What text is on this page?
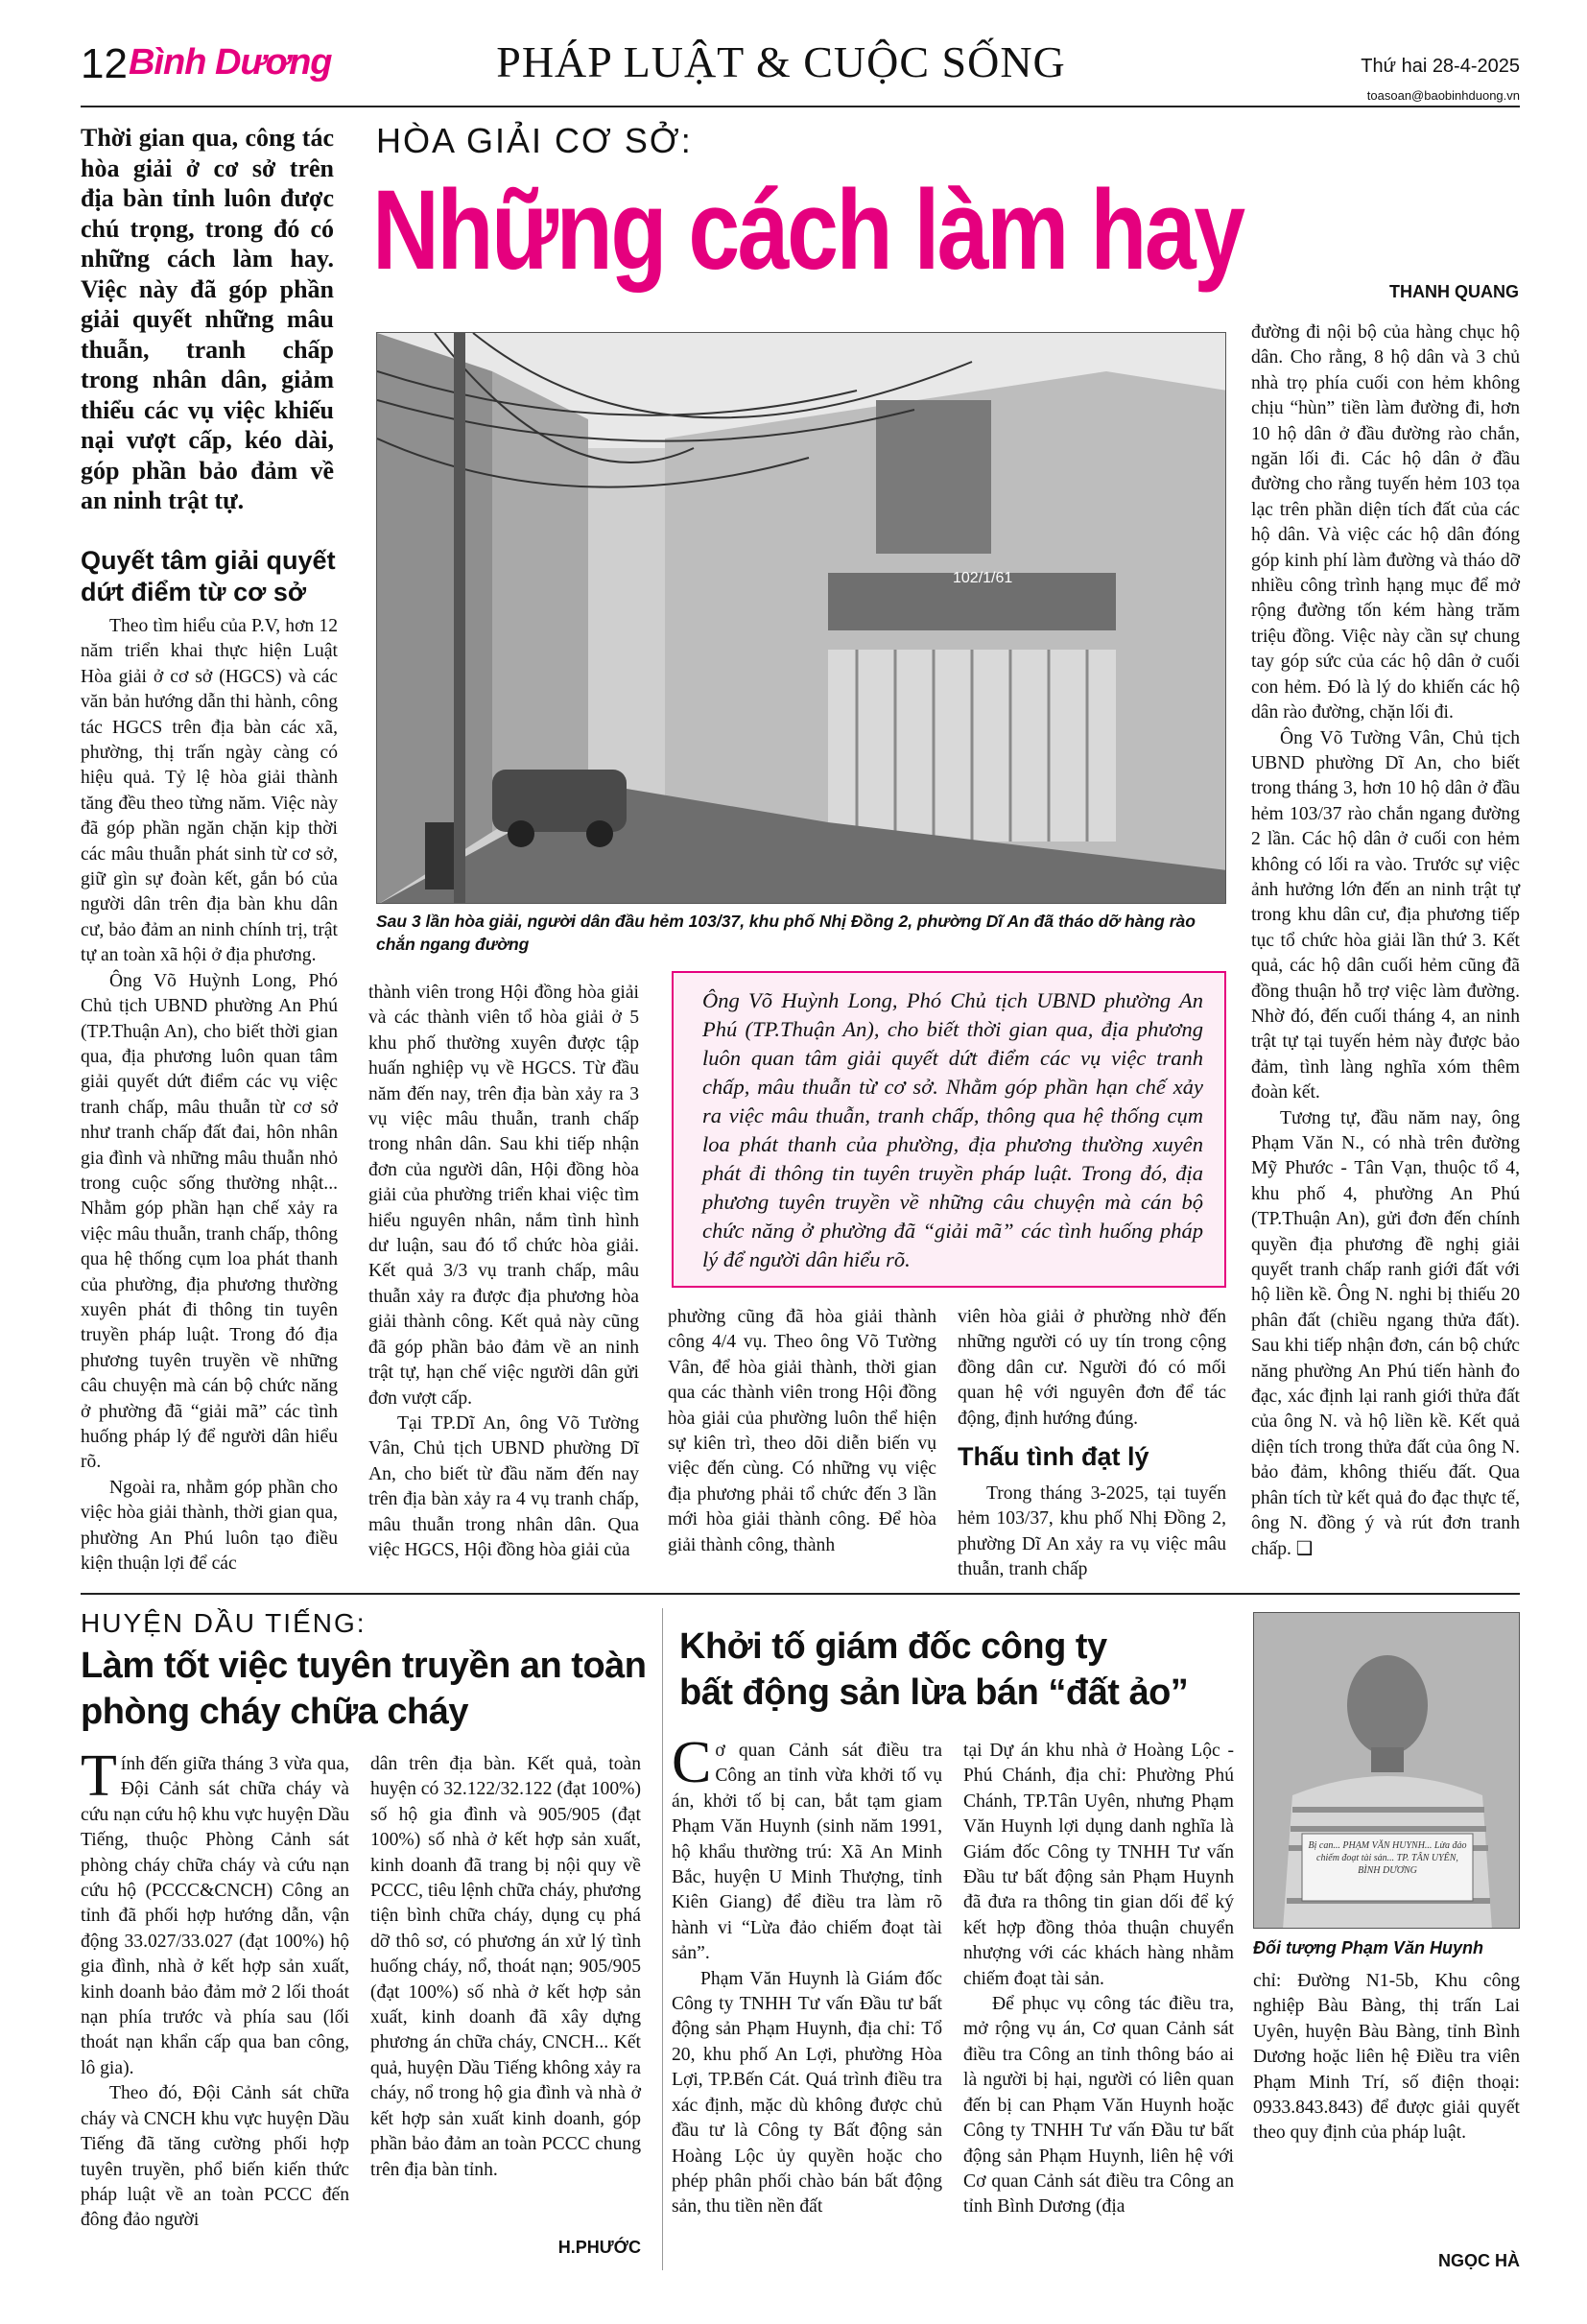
12 Bình Dương	PHÁP LUẬT & CUỘC SỐNG	Thứ hai 28-4-2025
toasoan@baobinhduong.vn
Thời gian qua, công tác hòa giải ở cơ sở trên địa bàn tỉnh luôn được chú trọng, trong đó có những cách làm hay. Việc này đã góp phần giải quyết những mâu thuẫn, tranh chấp trong nhân dân, giảm thiểu các vụ việc khiếu nại vượt cấp, kéo dài, góp phần bảo đảm về an ninh trật tự.
HÒA GIẢI CƠ SỞ:
Những cách làm hay	THANH QUANG
102/1/61
Sau 3 lần hòa giải, người dân đầu hẻm 103/37, khu phố Nhị Đồng 2, phường Dĩ An đã tháo dỡ hàng rào chắn ngang đường
Quyết tâm giải quyết dứt điểm từ cơ sở

Theo tìm hiểu của P.V, hơn 12 năm triển khai thực hiện Luật Hòa giải ở cơ sở (HGCS) và các văn bản hướng dẫn thi hành, công tác HGCS trên địa bàn các xã, phường, thị trấn ngày càng có hiệu quả. Tỷ lệ hòa giải thành tăng đều theo từng năm. Việc này đã góp phần ngăn chặn kịp thời các mâu thuẫn phát sinh từ cơ sở, giữ gìn sự đoàn kết, gắn bó của người dân trên địa bàn khu dân cư, bảo đảm an ninh chính trị, trật tự an toàn xã hội ở địa phương.

Ông Võ Huỳnh Long, Phó Chủ tịch UBND phường An Phú (TP.Thuận An), cho biết thời gian qua, địa phương luôn quan tâm giải quyết dứt điểm các vụ việc tranh chấp, mâu thuẫn từ cơ sở như tranh chấp đất đai, hôn nhân gia đình và những mâu thuẫn nhỏ trong cuộc sống thường nhật... Nhằm góp phần hạn chế xảy ra việc mâu thuẫn, tranh chấp, thông qua hệ thống cụm loa phát thanh của phường, địa phương thường xuyên phát đi thông tin tuyên truyền pháp luật. Trong đó địa phương tuyên truyền về những câu chuyện mà cán bộ chức năng ở phường đã “giải mã” các tình huống pháp lý để người dân hiểu rõ.

Ngoài ra, nhằm góp phần cho việc hòa giải thành, thời gian qua, phường An Phú luôn tạo điều kiện thuận lợi để các

thành viên trong Hội đồng hòa giải và các thành viên tổ hòa giải ở 5 khu phố thường xuyên được tập huấn nghiệp vụ về HGCS. Từ đầu năm đến nay, trên địa bàn xảy ra 3 vụ việc mâu thuẫn, tranh chấp trong nhân dân. Sau khi tiếp nhận đơn của người dân, Hội đồng hòa giải của phường triển khai việc tìm hiểu nguyên nhân, nắm tình hình dư luận, sau đó tổ chức hòa giải. Kết quả 3/3 vụ tranh chấp, mâu thuẫn xảy ra được địa phương hòa giải thành công. Kết quả này cũng đã góp phần bảo đảm về an ninh trật tự, hạn chế việc người dân gửi đơn vượt cấp.

Tại TP.Dĩ An, ông Võ Tường Vân, Chủ tịch UBND phường Dĩ An, cho biết từ đầu năm đến nay trên địa bàn xảy ra 4 vụ tranh chấp, mâu thuẫn trong nhân dân. Qua việc HGCS, Hội đồng hòa giải của

Ông Võ Huỳnh Long, Phó Chủ tịch UBND phường An Phú (TP.Thuận An), cho biết thời gian qua, địa phương luôn quan tâm giải quyết dứt điểm các vụ việc tranh chấp, mâu thuẫn từ cơ sở. Nhằm góp phần hạn chế xảy ra việc mâu thuẫn, tranh chấp, thông qua hệ thống cụm loa phát thanh của phường, địa phương thường xuyên phát đi thông tin tuyên truyền pháp luật. Trong đó, địa phương tuyên truyền về những câu chuyện mà cán bộ chức năng ở phường đã “giải mã” các tình huống pháp lý để người dân hiểu rõ.

phường cũng đã hòa giải thành công 4/4 vụ. Theo ông Võ Tường Vân, để hòa giải thành, thời gian qua các thành viên trong Hội đồng hòa giải của phường luôn thể hiện sự kiên trì, theo dõi diễn biến vụ việc đến cùng. Có những vụ việc địa phương phải tổ chức đến 3 lần mới hòa giải thành công. Để hòa giải thành công, thành

viên hòa giải ở phường nhờ đến những người có uy tín trong cộng đồng dân cư. Người đó có mối quan hệ với nguyên đơn để tác động, định hướng đúng.

Thấu tình đạt lý

Trong tháng 3-2025, tại tuyến hẻm 103/37, khu phố Nhị Đồng 2, phường Dĩ An xảy ra vụ việc mâu thuẫn, tranh chấp

đường đi nội bộ của hàng chục hộ dân. Cho rằng, 8 hộ dân và 3 chủ nhà trọ phía cuối con hẻm không chịu “hùn” tiền làm đường đi, hơn 10 hộ dân ở đầu đường rào chắn, ngăn lối đi. Các hộ dân ở đầu đường cho rằng tuyến hẻm 103 tọa lạc trên phần diện tích đất của các hộ dân. Và việc các hộ dân đóng góp kinh phí làm đường và tháo dỡ nhiều công trình hạng mục để mở rộng đường tốn kém hàng trăm triệu đồng. Việc này cần sự chung tay góp sức của các hộ dân ở cuối con hẻm. Đó là lý do khiến các hộ dân rào đường, chặn lối đi.

Ông Võ Tường Vân, Chủ tịch UBND phường Dĩ An, cho biết trong tháng 3, hơn 10 hộ dân ở đầu hẻm 103/37 rào chắn ngang đường 2 lần. Các hộ dân ở cuối con hẻm không có lối ra vào. Trước sự việc ảnh hưởng lớn đến an ninh trật tự trong khu dân cư, địa phương tiếp tục tổ chức hòa giải lần thứ 3. Kết quả, các hộ dân cuối hẻm cũng đã đồng thuận hỗ trợ việc làm đường. Nhờ đó, đến cuối tháng 4, an ninh trật tự tại tuyến hẻm này được bảo đảm, tình làng nghĩa xóm thêm đoàn kết.

Tương tự, đầu năm nay, ông Phạm Văn N., có nhà trên đường Mỹ Phước - Tân Vạn, thuộc tổ 4, khu phố 4, phường An Phú (TP.Thuận An), gửi đơn đến chính quyền địa phương đề nghị giải quyết tranh chấp ranh giới đất với hộ liền kề. Ông N. nghi bị thiếu 20 phân đất (chiều ngang thửa đất). Sau khi tiếp nhận đơn, cán bộ chức năng phường An Phú tiến hành đo đạc, xác định lại ranh giới thửa đất của ông N. và hộ liền kề. Kết quả diện tích trong thửa đất của ông N. bảo đảm, không thiếu đất. Qua phân tích từ kết quả đo đạc thực tế, ông N. đồng ý và rút đơn tranh chấp. ❑

HUYỆN DẦU TIẾNG:
Làm tốt việc tuyên truyền an toàn
phòng cháy chữa cháy

Tính đến giữa tháng 3 vừa qua, Đội Cảnh sát chữa cháy và cứu nạn cứu hộ khu vực huyện Dầu Tiếng, thuộc Phòng Cảnh sát phòng cháy chữa cháy và cứu nạn cứu hộ (PCCC&CNCH) Công an tỉnh đã phối hợp hướng dẫn, vận động 33.027/33.027 (đạt 100%) hộ gia đình, nhà ở kết hợp sản xuất, kinh doanh bảo đảm mở 2 lối thoát nạn phía trước và phía sau (lối thoát nạn khẩn cấp qua ban công, lô gia).

Theo đó, Đội Cảnh sát chữa cháy và CNCH khu vực huyện Dầu Tiếng đã tăng cường phối hợp tuyên truyền, phổ biến kiến thức pháp luật về an toàn PCCC đến đông đảo người

dân trên địa bàn. Kết quả, toàn huyện có 32.122/32.122 (đạt 100%) số hộ gia đình và 905/905 (đạt 100%) số nhà ở kết hợp sản xuất, kinh doanh đã trang bị nội quy về PCCC, tiêu lệnh chữa cháy, phương tiện bình chữa cháy, dụng cụ phá dỡ thô sơ, có phương án xử lý tình huống cháy, nổ, thoát nạn; 905/905 (đạt 100%) số nhà ở kết hợp sản xuất, kinh doanh đã xây dựng phương án chữa cháy, CNCH... Kết quả, huyện Dầu Tiếng không xảy ra cháy, nổ trong hộ gia đình và nhà ở kết hợp sản xuất kinh doanh, góp phần bảo đảm an toàn PCCC chung trên địa bàn tỉnh.

H.PHƯỚC
Khởi tố giám đốc công ty
bất động sản lừa bán “đất ảo”

Cơ quan Cảnh sát điều tra Công an tỉnh vừa khởi tố vụ án, khởi tố bị can, bắt tạm giam Phạm Văn Huynh (sinh năm 1991, hộ khẩu thường trú: Xã An Minh Bắc, huyện U Minh Thượng, tỉnh Kiên Giang) để điều tra làm rõ hành vi “Lừa đảo chiếm đoạt tài sản”.

Phạm Văn Huynh là Giám đốc Công ty TNHH Tư vấn Đầu tư bất động sản Phạm Huynh, địa chỉ: Tổ 20, khu phố An Lợi, phường Hòa Lợi, TP.Bến Cát. Quá trình điều tra xác định, mặc dù không được chủ đầu tư là Công ty Bất động sản Hoàng Lộc ủy quyền hoặc cho phép phân phối chào bán bất động sản, thu tiền nền đất

tại Dự án khu nhà ở Hoàng Lộc - Phú Chánh, địa chỉ: Phường Phú Chánh, TP.Tân Uyên, nhưng Phạm Văn Huynh lợi dụng danh nghĩa là Giám đốc Công ty TNHH Tư vấn Đầu tư bất động sản Phạm Huynh đã đưa ra thông tin gian dối để ký kết hợp đồng thỏa thuận chuyển nhượng với các khách hàng nhằm chiếm đoạt tài sản.

Để phục vụ công tác điều tra, mở rộng vụ án, Cơ quan Cảnh sát điều tra Công an tỉnh thông báo ai là người bị hại, người có liên quan đến bị can Phạm Văn Huynh hoặc Công ty TNHH Tư vấn Đầu tư bất động sản Phạm Huynh, liên hệ với Cơ quan Cảnh sát điều tra Công an tỉnh Bình Dương (địa

Bị can... PHẠM VĂN HUYNH... Lừa đảo chiếm đoạt tài sản... TP. TÂN UYÊN, BÌNH DƯƠNG
Đối tượng Phạm Văn Huynh

chỉ: Đường N1-5b, Khu công nghiệp Bàu Bàng, thị trấn Lai Uyên, huyện Bàu Bàng, tỉnh Bình Dương hoặc liên hệ Điều tra viên Phạm Minh Trí, số điện thoại: 0933.843.843) để được giải quyết theo quy định của pháp luật.

NGỌC HÀ
